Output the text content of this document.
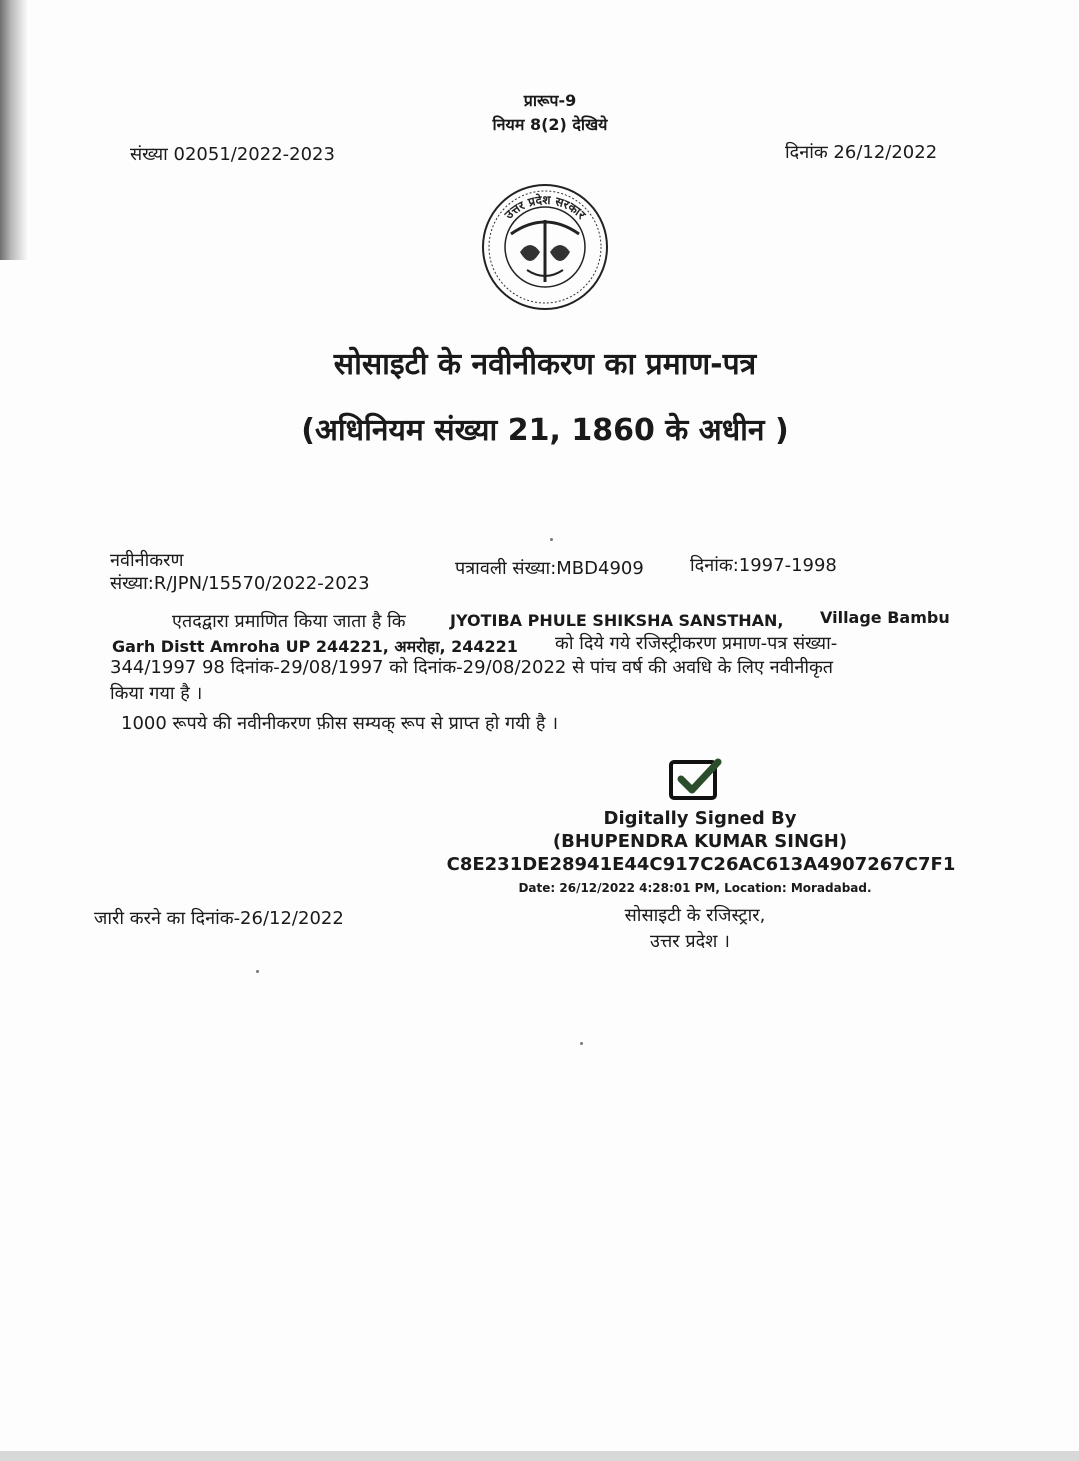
प्रारूप-9
नियम 8(2) देखिये
संख्या 02051/2022-2023	दिनांक 26/12/2022
उत्तर प्रदेश सरकार
सोसाइटी के नवीनीकरण का प्रमाण-पत्र
(अधिनियम संख्या 21, 1860 के अधीन )
नवीनीकरण
संख्या:R/JPN/15570/2022-2023
पत्रावली संख्या:MBD4909	दिनांक:1997-1998
एतदद्वारा प्रमाणित किया जाता है कि	JYOTIBA PHULE SHIKSHA SANSTHAN, Village Bambu
Garh Distt Amroha UP 244221, अमरोहा, 244221 को दिये गये रजिस्ट्रीकरण प्रमाण-पत्र संख्या-
344/1997 98 दिनांक-29/08/1997 को दिनांक-29/08/2022 से पांच वर्ष की अवधि के लिए नवीनीकृत
किया गया है ।
1000 रूपये की नवीनीकरण फ़ीस सम्यक् रूप से प्राप्त हो गयी है ।
Digitally Signed By
(BHUPENDRA KUMAR SINGH)
C8E231DE28941E44C917C26AC613A4907267C7F1
Date: 26/12/2022 4:28:01 PM, Location: Moradabad.
सोसाइटी के रजिस्ट्रार,
उत्तर प्रदेश ।
जारी करने का दिनांक-26/12/2022
